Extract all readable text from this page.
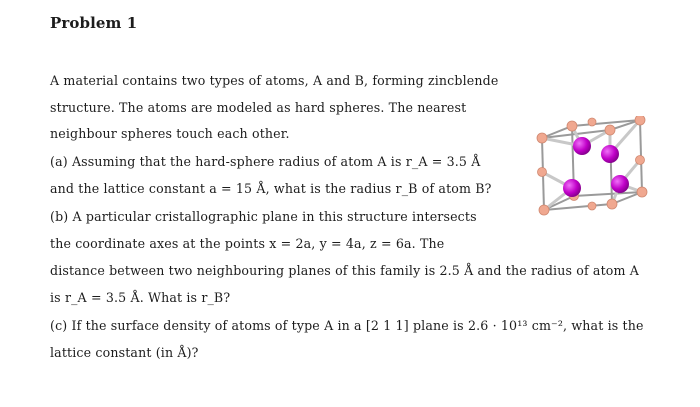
Problem 1
A material contains two types of atoms, A and B, forming zincblende
structure. The atoms are modeled as hard spheres. The nearest
neighbour spheres touch each other.
(a) Assuming that the hard-sphere radius of atom A is r_A = 3.5 Å
and the lattice constant a = 15 Å, what is the radius r_B of atom B?
(b) A particular cristallographic plane in this structure intersects
the coordinate axes at the points x = 2a, y = 4a, z = 6a. The
distance between two neighbouring planes of this family is 2.5 Å and the radius of atom A
is r_A = 3.5 Å. What is r_B?
(c) If the surface density of atoms of type A in a [2 1 1] plane is 2.6 · 10¹³ cm⁻², what is the
lattice constant (in Å)?
